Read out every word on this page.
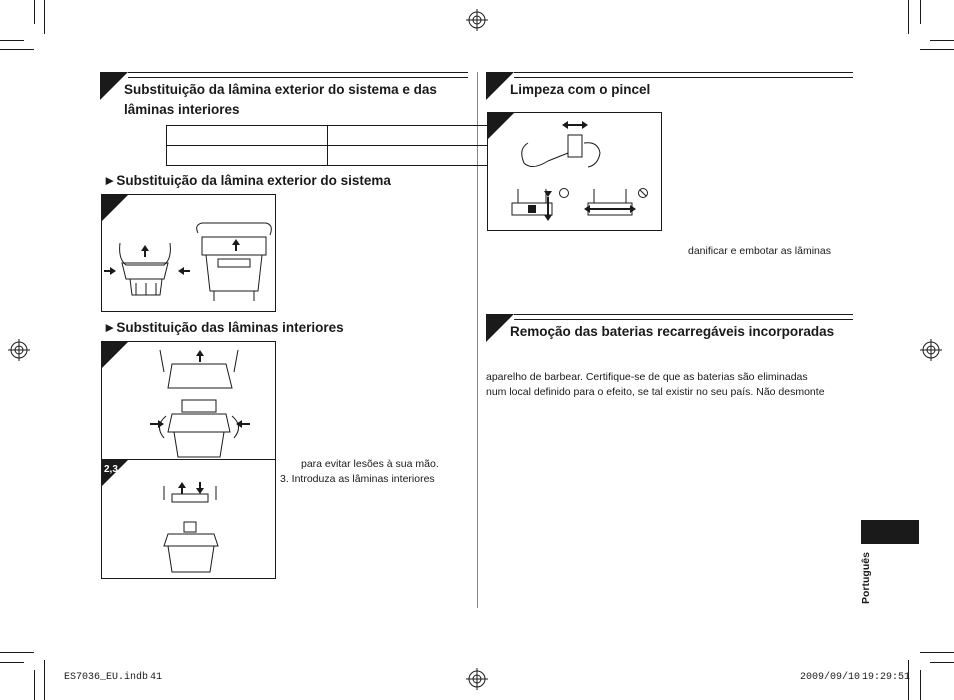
Substituição da lâmina exterior do sistema e das
lâminas interiores

►Substituição da lâmina exterior do sistema
►Substituição das lâminas interiores
2,3	para evitar lesões à sua mão.
3. Introduza as lâminas interiores
Limpeza com o pincel
danificar e embotar as lâminas
Remoção das baterias recarregáveis incorporadas
aparelho de barbear. Certifique-se de que as baterias são eliminadas
num local definido para o efeito, se tal existir no seu país. Não desmonte
Português
ES7036_EU.indb 41	2009/09/10 19:29:51
